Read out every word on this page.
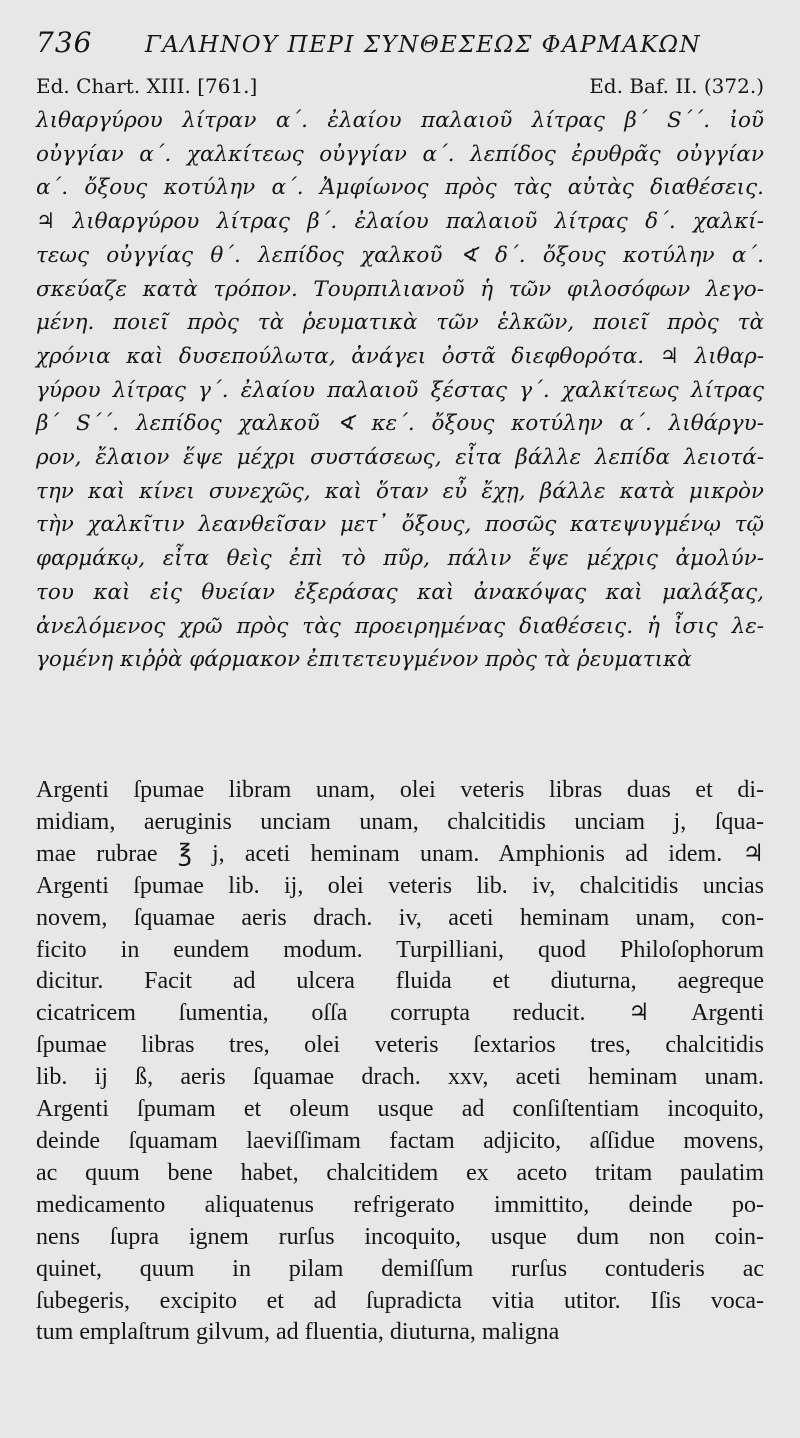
736	ΓΑΛΗΝΟΥ ΠΕΡΙ ΣΥΝΘΕΣΕΩΣ ΦΑΡΜΑΚΩΝ
Ed. Chart. XIII. [761.]	Ed. Baf. II. (372.)
λιθαργύρου λίτραν α΄. ἐλαίου παλαιοῦ λίτρας β΄ S΄΄. ἰοῦ
οὐγγίαν α΄. χαλκίτεως οὐγγίαν α΄. λεπίδος ἐρυθρᾶς οὐγγίαν
α΄. ὄξους κοτύλην α΄. Ἀμφίωνος πρὸς τὰς αὐτὰς διαθέσεις.
♃ λιθαργύρου λίτρας β΄. ἐλαίου παλαιοῦ λίτρας δ΄. χαλκί-
τεως οὐγγίας θ΄. λεπίδος χαλκοῦ ∢ δ΄. ὄξους κοτύλην α΄.
σκεύαζε κατὰ τρόπον. Τουρπιλιανοῦ ἡ τῶν φιλοσόφων λεγο-
μένη. ποιεῖ πρὸς τὰ ῥευματικὰ τῶν ἑλκῶν, ποιεῖ πρὸς τὰ
χρόνια καὶ δυσεπούλωτα, ἀνάγει ὀστᾶ διεφθορότα. ♃ λιθαρ-
γύρου λίτρας γ΄. ἐλαίου παλαιοῦ ξέστας γ΄. χαλκίτεως λίτρας
β΄ S΄΄. λεπίδος χαλκοῦ ∢ κε΄. ὄξους κοτύλην α΄. λιθάργυ-
ρον, ἔλαιον ἕψε μέχρι συστάσεως, εἶτα βάλλε λεπίδα λειοτά-
την καὶ κίνει συνεχῶς, καὶ ὅταν εὖ ἔχῃ, βάλλε κατὰ μικρὸν
τὴν χαλκῖτιν λεανθεῖσαν μετ᾽ ὄξους, ποσῶς κατεψυγμένῳ τῷ
φαρμάκῳ, εἶτα θεὶς ἐπὶ τὸ πῦρ, πάλιν ἕψε μέχρις ἀμολύν-
του καὶ εἰς θυείαν ἐξεράσας καὶ ἀνακόψας καὶ μαλάξας,
ἀνελόμενος χρῶ πρὸς τὰς προειρημένας διαθέσεις. ἡ ἶσις λε-
γομένη κιῤῥὰ φάρμακον ἐπιτετευγμένον πρὸς τὰ ῥευματικὰ
Argenti ſpumae libram unam, olei veteris libras duas et di-
midiam, aeruginis unciam unam, chalcitidis unciam j, ſqua-
mae rubrae ℥ j, aceti heminam unam. Amphionis ad idem. ♃
Argenti ſpumae lib. ij, olei veteris lib. iv, chalcitidis uncias
novem, ſquamae aeris drach. iv, aceti heminam unam, con-
ficito in eundem modum. Turpilliani, quod Philoſophorum
dicitur. Facit ad ulcera fluida et diuturna, aegreque
cicatricem ſumentia, oſſa corrupta reducit. ♃ Argenti
ſpumae libras tres, olei veteris ſextarios tres, chalcitidis
lib. ij ß, aeris ſquamae drach. xxv, aceti heminam unam.
Argenti ſpumam et oleum usque ad conſiſtentiam incoquito,
deinde ſquamam laeviſſimam factam adjicito, aſſidue movens,
ac quum bene habet, chalcitidem ex aceto tritam paulatim
medicamento aliquatenus refrigerato immittito, deinde po-
nens ſupra ignem rurſus incoquito, usque dum non coin-
quinet, quum in pilam demiſſum rurſus contuderis ac
ſubegeris, excipito et ad ſupradicta vitia utitor. Iſis voca-
tum emplaſtrum gilvum, ad fluentia, diuturna, maligna
